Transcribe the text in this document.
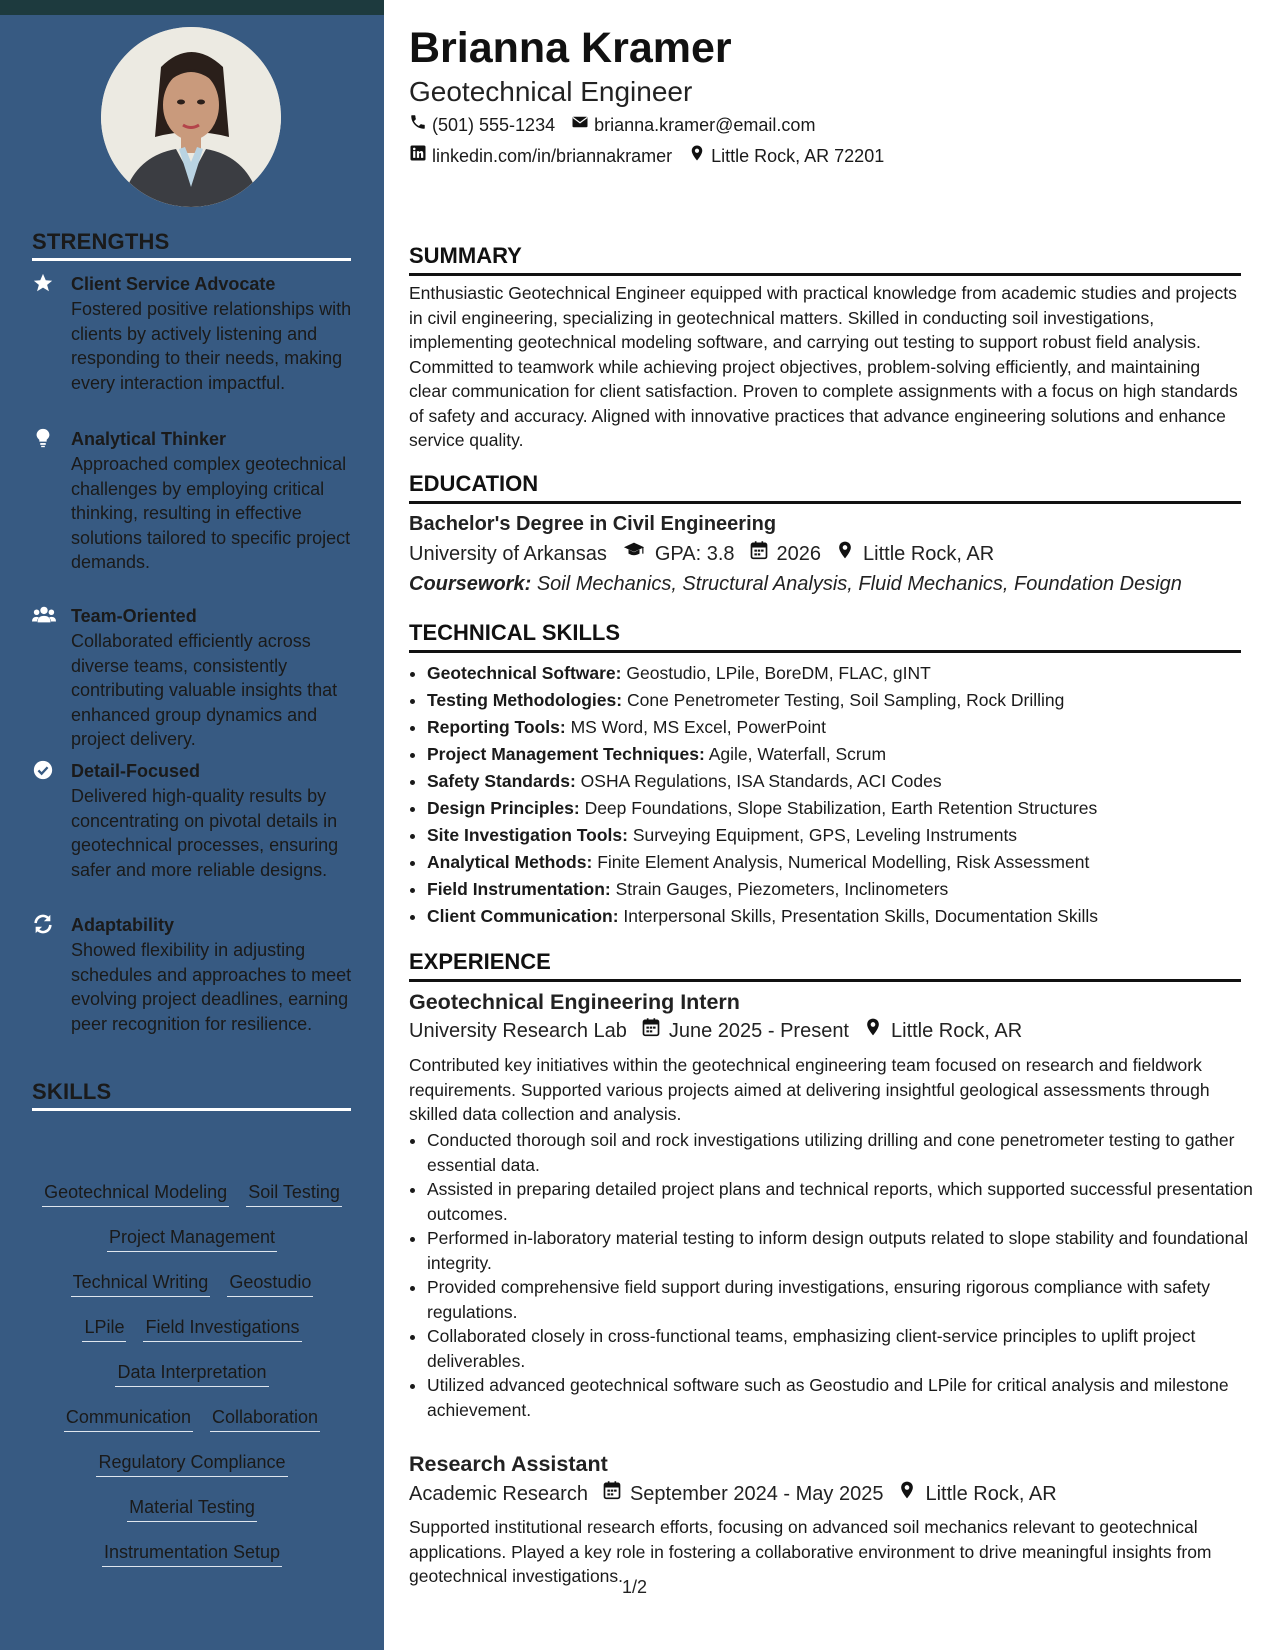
STRENGTHS
Client Service Advocate
Fostered positive relationships with clients by actively listening and responding to their needs, making every interaction impactful.
Analytical Thinker
Approached complex geotechnical challenges by employing critical thinking, resulting in effective solutions tailored to specific project demands.
Team-Oriented
Collaborated efficiently across diverse teams, consistently contributing valuable insights that enhanced group dynamics and project delivery.
Detail-Focused
Delivered high-quality results by concentrating on pivotal details in geotechnical processes, ensuring safer and more reliable designs.
Adaptability
Showed flexibility in adjusting schedules and approaches to meet evolving project deadlines, earning peer recognition for resilience.
SKILLS
Geotechnical Modeling Soil Testing
Project Management
Technical Writing Geostudio
LPile Field Investigations
Data Interpretation
Communication Collaboration
Regulatory Compliance
Material Testing
Instrumentation Setup
Brianna Kramer
Geotechnical Engineer
(501) 555-1234 brianna.kramer@email.com
linkedin.com/in/briannakramer Little Rock, AR 72201
SUMMARY
Enthusiastic Geotechnical Engineer equipped with practical knowledge from academic studies and projects in civil engineering, specializing in geotechnical matters. Skilled in conducting soil investigations, implementing geotechnical modeling software, and carrying out testing to support robust field analysis. Committed to teamwork while achieving project objectives, problem-solving efficiently, and maintaining clear communication for client satisfaction. Proven to complete assignments with a focus on high standards of safety and accuracy. Aligned with innovative practices that advance engineering solutions and enhance service quality.
EDUCATION
Bachelor's Degree in Civil Engineering
University of Arkansas GPA: 3.8 2026 Little Rock, AR
Coursework: Soil Mechanics, Structural Analysis, Fluid Mechanics, Foundation Design
TECHNICAL SKILLS
• Geotechnical Software: Geostudio, LPile, BoreDM, FLAC, gINT
• Testing Methodologies: Cone Penetrometer Testing, Soil Sampling, Rock Drilling
• Reporting Tools: MS Word, MS Excel, PowerPoint
• Project Management Techniques: Agile, Waterfall, Scrum
• Safety Standards: OSHA Regulations, ISA Standards, ACI Codes
• Design Principles: Deep Foundations, Slope Stabilization, Earth Retention Structures
• Site Investigation Tools: Surveying Equipment, GPS, Leveling Instruments
• Analytical Methods: Finite Element Analysis, Numerical Modelling, Risk Assessment
• Field Instrumentation: Strain Gauges, Piezometers, Inclinometers
• Client Communication: Interpersonal Skills, Presentation Skills, Documentation Skills
EXPERIENCE
Geotechnical Engineering Intern
University Research Lab June 2025 - Present Little Rock, AR
Contributed key initiatives within the geotechnical engineering team focused on research and fieldwork requirements. Supported various projects aimed at delivering insightful geological assessments through skilled data collection and analysis.
• Conducted thorough soil and rock investigations utilizing drilling and cone penetrometer testing to gather essential data.
• Assisted in preparing detailed project plans and technical reports, which supported successful presentation outcomes.
• Performed in-laboratory material testing to inform design outputs related to slope stability and foundational integrity.
• Provided comprehensive field support during investigations, ensuring rigorous compliance with safety regulations.
• Collaborated closely in cross-functional teams, emphasizing client-service principles to uplift project deliverables.
• Utilized advanced geotechnical software such as Geostudio and LPile for critical analysis and milestone achievement.
Research Assistant
Academic Research September 2024 - May 2025 Little Rock, AR
Supported institutional research efforts, focusing on advanced soil mechanics relevant to geotechnical applications. Played a key role in fostering a collaborative environment to drive meaningful insights from geotechnical investigations.
1/2
